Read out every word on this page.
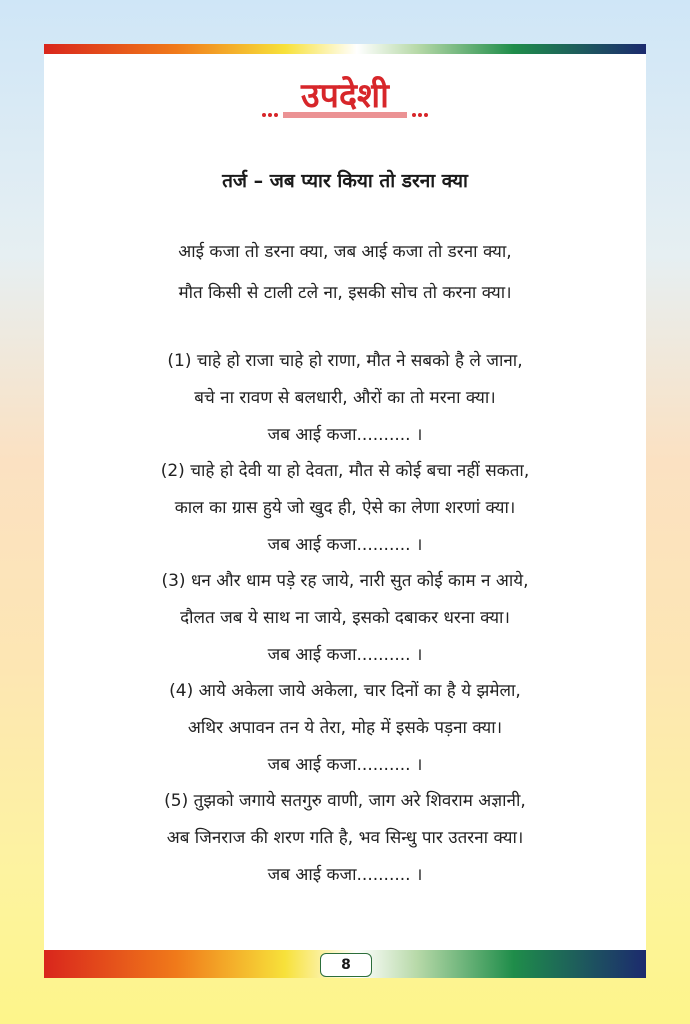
उपदेशी
तर्ज – जब प्यार किया तो डरना क्या
आई कजा तो डरना क्या, जब आई कजा तो डरना क्या,
मौत किसी से टाली टले ना, इसकी सोच तो करना क्या।
(1) चाहे हो राजा चाहे हो राणा, मौत ने सबको है ले जाना,
बचे ना रावण से बलधारी, औरों का तो मरना क्या।
जब आई कजा.......... ।
(2) चाहे हो देवी या हो देवता, मौत से कोई बचा नहीं सकता,
काल का ग्रास हुये जो खुद ही, ऐसे का लेणा शरणां क्या।
जब आई कजा.......... ।
(3) धन और धाम पड़े रह जाये, नारी सुत कोई काम न आये,
दौलत जब ये साथ ना जाये, इसको दबाकर धरना क्या।
जब आई कजा.......... ।
(4) आये अकेला जाये अकेला, चार दिनों का है ये झमेला,
अथिर अपावन तन ये तेरा, मोह में इसके पड़ना क्या।
जब आई कजा.......... ।
(5) तुझको जगाये सतगुरु वाणी, जाग अरे शिवराम अज्ञानी,
अब जिनराज की शरण गति है, भव सिन्धु पार उतरना क्या।
जब आई कजा.......... ।
8
